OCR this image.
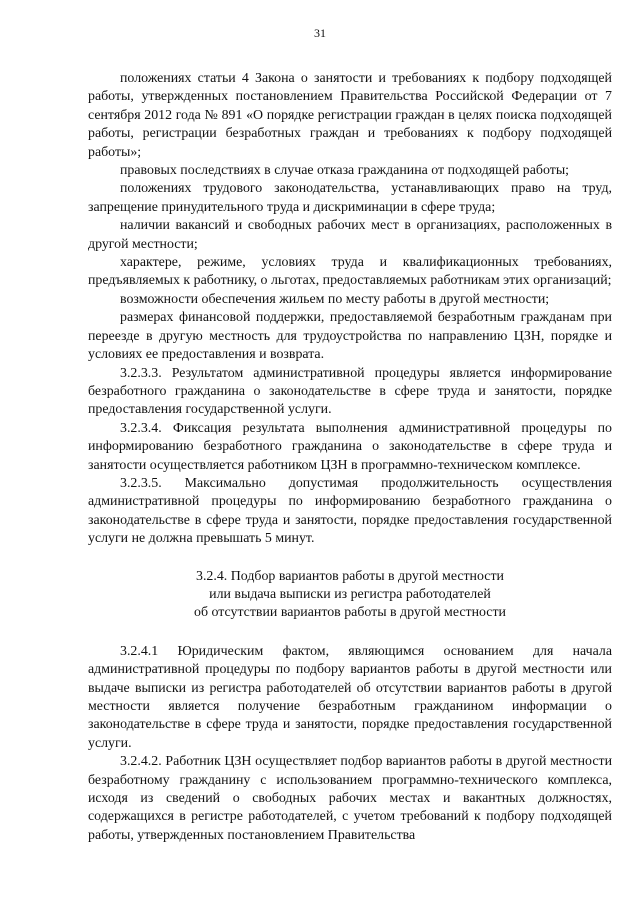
31

положениях статьи 4 Закона о занятости и требованиях к подбору подходящей работы, утвержденных постановлением Правительства Российской Федерации от 7 сентября 2012 года № 891 «О порядке регистрации граждан в целях поиска подходящей работы, регистрации безработных граждан и требованиях к подбору подходящей работы»;

правовых последствиях в случае отказа гражданина от подходящей работы;

положениях трудового законодательства, устанавливающих право на труд, запрещение принудительного труда и дискриминации в сфере труда;

наличии вакансий и свободных рабочих мест в организациях, расположенных в другой местности;

характере, режиме, условиях труда и квалификационных требованиях, предъявляемых к работнику, о льготах, предоставляемых работникам этих организаций;

возможности обеспечения жильем по месту работы в другой местности;

размерах финансовой поддержки, предоставляемой безработным гражданам при переезде в другую местность для трудоустройства по направлению ЦЗН, порядке и условиях ее предоставления и возврата.

3.2.3.3. Результатом административной процедуры является информирование безработного гражданина о законодательстве в сфере труда и занятости, порядке предоставления государственной услуги.

3.2.3.4. Фиксация результата выполнения административной процедуры по информированию безработного гражданина о законодательстве в сфере труда и занятости осуществляется работником ЦЗН в программно-техническом комплексе.

3.2.3.5. Максимально допустимая продолжительность осуществления административной процедуры по информированию безработного гражданина о законодательстве в сфере труда и занятости, порядке предоставления государственной услуги не должна превышать 5 минут.

3.2.4. Подбор вариантов работы в другой местности
или выдача выписки из регистра работодателей
об отсутствии вариантов работы в другой местности

3.2.4.1 Юридическим фактом, являющимся основанием для начала административной процедуры по подбору вариантов работы в другой местности или выдаче выписки из регистра работодателей об отсутствии вариантов работы в другой местности является получение безработным гражданином информации о законодательстве в сфере труда и занятости, порядке предоставления государственной услуги.

3.2.4.2. Работник ЦЗН осуществляет подбор вариантов работы в другой местности безработному гражданину с использованием программно-технического комплекса, исходя из сведений о свободных рабочих местах и вакантных должностях, содержащихся в регистре работодателей, с учетом требований к подбору подходящей работы, утвержденных постановлением Правительства
